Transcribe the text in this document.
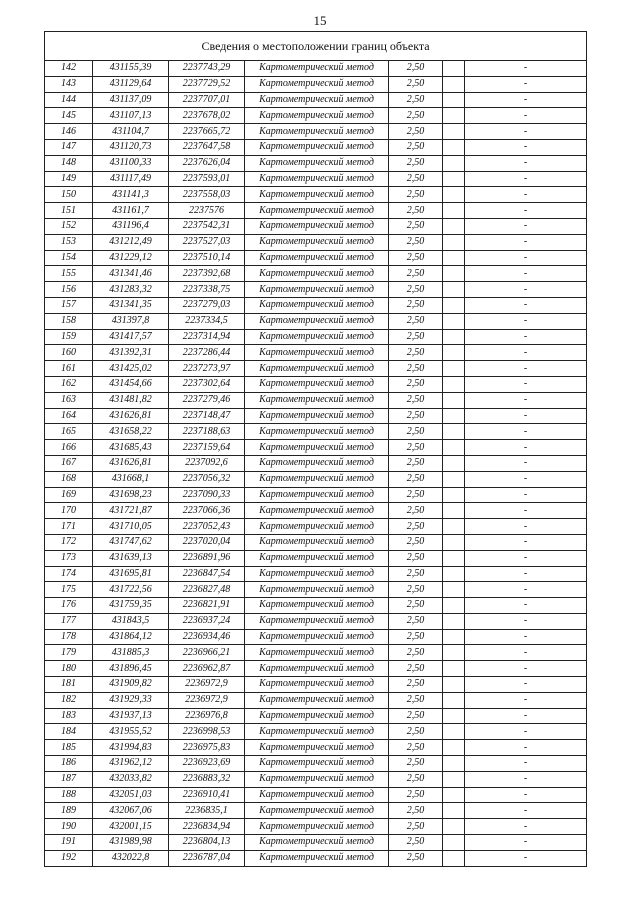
15
Сведения о местоположении границ объекта						
142	431155,39	2237743,29	Картометрический метод	2,50		-
143	431129,64	2237729,52	Картометрический метод	2,50		-
144	431137,09	2237707,01	Картометрический метод	2,50		-
145	431107,13	2237678,02	Картометрический метод	2,50		-
146	431104,7	2237665,72	Картометрический метод	2,50		-
147	431120,73	2237647,58	Картометрический метод	2,50		-
148	431100,33	2237626,04	Картометрический метод	2,50		-
149	431117,49	2237593,01	Картометрический метод	2,50		-
150	431141,3	2237558,03	Картометрический метод	2,50		-
151	431161,7	2237576	Картометрический метод	2,50		-
152	431196,4	2237542,31	Картометрический метод	2,50		-
153	431212,49	2237527,03	Картометрический метод	2,50		-
154	431229,12	2237510,14	Картометрический метод	2,50		-
155	431341,46	2237392,68	Картометрический метод	2,50		-
156	431283,32	2237338,75	Картометрический метод	2,50		-
157	431341,35	2237279,03	Картометрический метод	2,50		-
158	431397,8	2237334,5	Картометрический метод	2,50		-
159	431417,57	2237314,94	Картометрический метод	2,50		-
160	431392,31	2237286,44	Картометрический метод	2,50		-
161	431425,02	2237273,97	Картометрический метод	2,50		-
162	431454,66	2237302,64	Картометрический метод	2,50		-
163	431481,82	2237279,46	Картометрический метод	2,50		-
164	431626,81	2237148,47	Картометрический метод	2,50		-
165	431658,22	2237188,63	Картометрический метод	2,50		-
166	431685,43	2237159,64	Картометрический метод	2,50		-
167	431626,81	2237092,6	Картометрический метод	2,50		-
168	431668,1	2237056,32	Картометрический метод	2,50		-
169	431698,23	2237090,33	Картометрический метод	2,50		-
170	431721,87	2237066,36	Картометрический метод	2,50		-
171	431710,05	2237052,43	Картометрический метод	2,50		-
172	431747,62	2237020,04	Картометрический метод	2,50		-
173	431639,13	2236891,96	Картометрический метод	2,50		-
174	431695,81	2236847,54	Картометрический метод	2,50		-
175	431722,56	2236827,48	Картометрический метод	2,50		-
176	431759,35	2236821,91	Картометрический метод	2,50		-
177	431843,5	2236937,24	Картометрический метод	2,50		-
178	431864,12	2236934,46	Картометрический метод	2,50		-
179	431885,3	2236966,21	Картометрический метод	2,50		-
180	431896,45	2236962,87	Картометрический метод	2,50		-
181	431909,82	2236972,9	Картометрический метод	2,50		-
182	431929,33	2236972,9	Картометрический метод	2,50		-
183	431937,13	2236976,8	Картометрический метод	2,50		-
184	431955,52	2236998,53	Картометрический метод	2,50		-
185	431994,83	2236975,83	Картометрический метод	2,50		-
186	431962,12	2236923,69	Картометрический метод	2,50		-
187	432033,82	2236883,32	Картометрический метод	2,50		-
188	432051,03	2236910,41	Картометрический метод	2,50		-
189	432067,06	2236835,1	Картометрический метод	2,50		-
190	432001,15	2236834,94	Картометрический метод	2,50		-
191	431989,98	2236804,13	Картометрический метод	2,50		-
192	432022,8	2236787,04	Картометрический метод	2,50		-
